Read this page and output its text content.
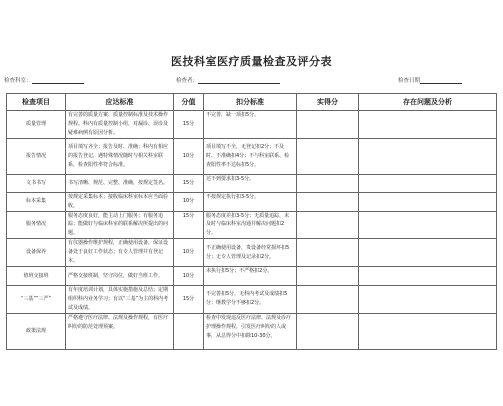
医技科室医疗质量检查及评分表
检查科室：	检查者：	检查日期
检查项目	应达标准	分值	扣分标准	实得分	存在问题及分析
质量管理	有完善的质量方案、质量控制标准及技术操作规程。科内有质量控制小组，对漏诊、误诊及疑难病例有原因分析。	15分	不完善，缺一项扣5分。		
报告情况	项目填写齐全；报告及时、准确；科内有相应的报告登记，遇特殊情况随时与相关科室联系，检查阳性率符合标准。	10分	项目填写不全，无登记扣2分；不及时、不准确扣4分；不与科室联系、检查阳性率不达标扣5分。		
文书书写	书写清晰、规范、完整、准确，按规定签名。	15分	达不到要求扣3-5分。		
标本采集	按规定采集标本；接收临床科室标本应当面验收。	10分	不按规定执行扣3-5分。		
服务情况	服务态度良好，能主动上门服务；有服务追踪；能做好与临床科室的联系解决所提出的问题。	15分	服务态度差扣3-5分；无质量追踪，未及时与临床科室沟通并解决问题扣2分。		
设备保养	有仪器操作维护规程，正确使用设备，保证设备处于良好工作状态；有专人管理并有登记本。	10分	不正确使用设备，贵设备经常损坏扣5分；无专人管理及记录扣2分。		
值班交接班	严格交接班制，坚守岗位，做好当班工作。	10分	未执行扣5分；不严格扣2分。		
“三基”“三严”	有年度培训计划，具体实施措施及总结；定期组织科内业务学习；有以“三基”为主的科内考试及成绩。	15分	不完善扣5分，无科内考试及成绩扣5分；继教学分不够扣2分。		
政策法规	严格遵守医疗法律、法规及操作规程，有医疗纠纷的防范处理预案。		检查中发现违反医疗法律、法规及诊疗护理操作规程，引发医疗纠纷的人或事，从总得分中扣除10-30分。		
